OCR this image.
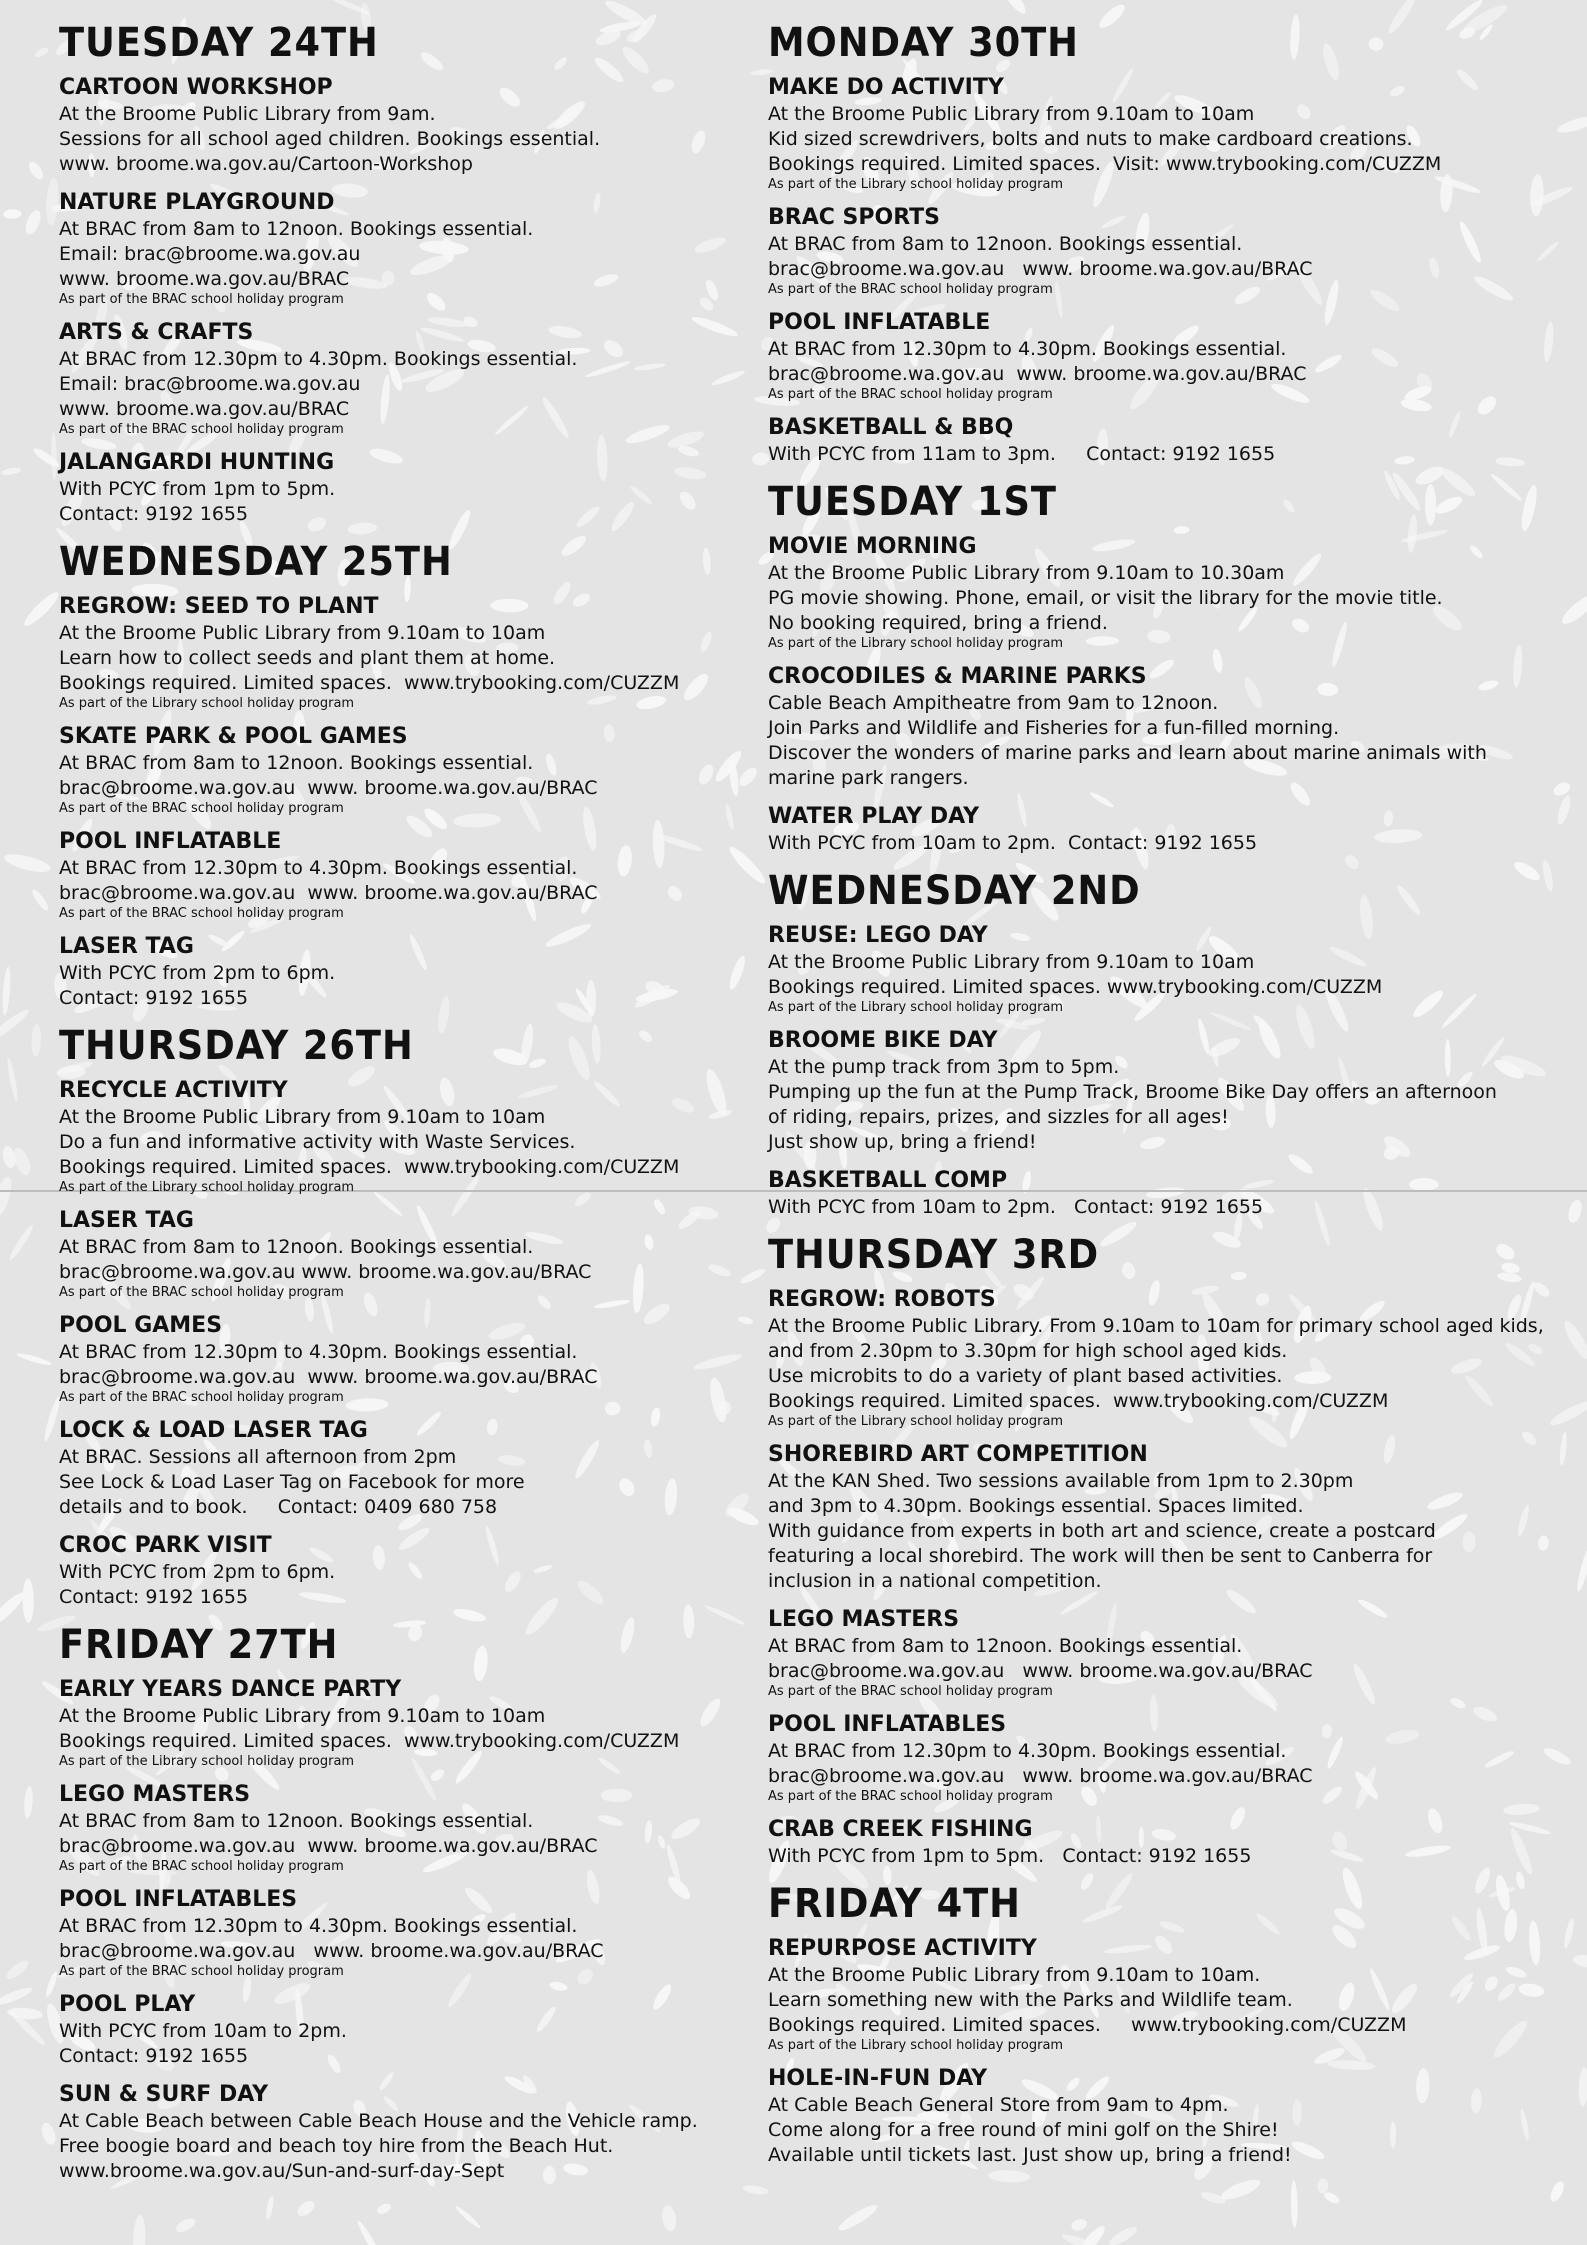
TUESDAY 24TH
CARTOON WORKSHOP
At the Broome Public Library from 9am.
Sessions for all school aged children. Bookings essential.
www. broome.wa.gov.au/Cartoon-Workshop
NATURE PLAYGROUND
At BRAC from 8am to 12noon. Bookings essential.
Email: brac@broome.wa.gov.au
www. broome.wa.gov.au/BRAC
As part of the BRAC school holiday program
ARTS & CRAFTS
At BRAC from 12.30pm to 4.30pm. Bookings essential.
Email: brac@broome.wa.gov.au
www. broome.wa.gov.au/BRAC
As part of the BRAC school holiday program
JALANGARDI HUNTING
With PCYC from 1pm to 5pm.
Contact: 9192 1655
WEDNESDAY 25TH
REGROW: SEED TO PLANT
At the Broome Public Library from 9.10am to 10am
Learn how to collect seeds and plant them at home.
Bookings required. Limited spaces.  www.trybooking.com/CUZZM
As part of the Library school holiday program
SKATE PARK & POOL GAMES
At BRAC from 8am to 12noon. Bookings essential.
brac@broome.wa.gov.au  www. broome.wa.gov.au/BRAC
As part of the BRAC school holiday program
POOL INFLATABLE
At BRAC from 12.30pm to 4.30pm. Bookings essential.
brac@broome.wa.gov.au  www. broome.wa.gov.au/BRAC
As part of the BRAC school holiday program
LASER TAG
With PCYC from 2pm to 6pm.
Contact: 9192 1655
THURSDAY 26TH
RECYCLE ACTIVITY
At the Broome Public Library from 9.10am to 10am
Do a fun and informative activity with Waste Services.
Bookings required. Limited spaces.  www.trybooking.com/CUZZM
As part of the Library school holiday program
LASER TAG
At BRAC from 8am to 12noon. Bookings essential.
brac@broome.wa.gov.au www. broome.wa.gov.au/BRAC
As part of the BRAC school holiday program
POOL GAMES
At BRAC from 12.30pm to 4.30pm. Bookings essential.
brac@broome.wa.gov.au  www. broome.wa.gov.au/BRAC
As part of the BRAC school holiday program
LOCK & LOAD LASER TAG
At BRAC. Sessions all afternoon from 2pm
See Lock & Load Laser Tag on Facebook for more
details and to book.     Contact: 0409 680 758
CROC PARK VISIT
With PCYC from 2pm to 6pm.
Contact: 9192 1655
FRIDAY 27TH
EARLY YEARS DANCE PARTY
At the Broome Public Library from 9.10am to 10am
Bookings required. Limited spaces.  www.trybooking.com/CUZZM
As part of the Library school holiday program
LEGO MASTERS
At BRAC from 8am to 12noon. Bookings essential.
brac@broome.wa.gov.au  www. broome.wa.gov.au/BRAC
As part of the BRAC school holiday program
POOL INFLATABLES
At BRAC from 12.30pm to 4.30pm. Bookings essential.
brac@broome.wa.gov.au   www. broome.wa.gov.au/BRAC
As part of the BRAC school holiday program
POOL PLAY
With PCYC from 10am to 2pm.
Contact: 9192 1655
SUN & SURF DAY
At Cable Beach between Cable Beach House and the Vehicle ramp.
Free boogie board and beach toy hire from the Beach Hut.
www.broome.wa.gov.au/Sun-and-surf-day-Sept
MONDAY 30TH
MAKE DO ACTIVITY
At the Broome Public Library from 9.10am to 10am
Kid sized screwdrivers, bolts and nuts to make cardboard creations.
Bookings required. Limited spaces.  Visit: www.trybooking.com/CUZZM
As part of the Library school holiday program
BRAC SPORTS
At BRAC from 8am to 12noon. Bookings essential.
brac@broome.wa.gov.au   www. broome.wa.gov.au/BRAC
As part of the BRAC school holiday program
POOL INFLATABLE
At BRAC from 12.30pm to 4.30pm. Bookings essential.
brac@broome.wa.gov.au  www. broome.wa.gov.au/BRAC
As part of the BRAC school holiday program
BASKETBALL & BBQ
With PCYC from 11am to 3pm.     Contact: 9192 1655
TUESDAY 1ST
MOVIE MORNING
At the Broome Public Library from 9.10am to 10.30am
PG movie showing. Phone, email, or visit the library for the movie title.
No booking required, bring a friend.
As part of the Library school holiday program
CROCODILES & MARINE PARKS
Cable Beach Ampitheatre from 9am to 12noon.
Join Parks and Wildlife and Fisheries for a fun-filled morning.
Discover the wonders of marine parks and learn about marine animals with
marine park rangers.
WATER PLAY DAY
With PCYC from 10am to 2pm.  Contact: 9192 1655
WEDNESDAY 2ND
REUSE: LEGO DAY
At the Broome Public Library from 9.10am to 10am
Bookings required. Limited spaces. www.trybooking.com/CUZZM
As part of the Library school holiday program
BROOME BIKE DAY
At the pump track from 3pm to 5pm.
Pumping up the fun at the Pump Track, Broome Bike Day offers an afternoon
of riding, repairs, prizes, and sizzles for all ages!
Just show up, bring a friend!
BASKETBALL COMP
With PCYC from 10am to 2pm.   Contact: 9192 1655
THURSDAY 3RD
REGROW: ROBOTS
At the Broome Public Library. From 9.10am to 10am for primary school aged kids,
and from 2.30pm to 3.30pm for high school aged kids.
Use microbits to do a variety of plant based activities.
Bookings required. Limited spaces.  www.trybooking.com/CUZZM
As part of the Library school holiday program
SHOREBIRD ART COMPETITION
At the KAN Shed. Two sessions available from 1pm to 2.30pm
and 3pm to 4.30pm. Bookings essential. Spaces limited.
With guidance from experts in both art and science, create a postcard
featuring a local shorebird. The work will then be sent to Canberra for
inclusion in a national competition.
LEGO MASTERS
At BRAC from 8am to 12noon. Bookings essential.
brac@broome.wa.gov.au   www. broome.wa.gov.au/BRAC
As part of the BRAC school holiday program
POOL INFLATABLES
At BRAC from 12.30pm to 4.30pm. Bookings essential.
brac@broome.wa.gov.au   www. broome.wa.gov.au/BRAC
As part of the BRAC school holiday program
CRAB CREEK FISHING
With PCYC from 1pm to 5pm.   Contact: 9192 1655
FRIDAY 4TH
REPURPOSE ACTIVITY
At the Broome Public Library from 9.10am to 10am.
Learn something new with the Parks and Wildlife team.
Bookings required. Limited spaces.     www.trybooking.com/CUZZM
As part of the Library school holiday program
HOLE-IN-FUN DAY
At Cable Beach General Store from 9am to 4pm.
Come along for a free round of mini golf on the Shire!
Available until tickets last. Just show up, bring a friend!
